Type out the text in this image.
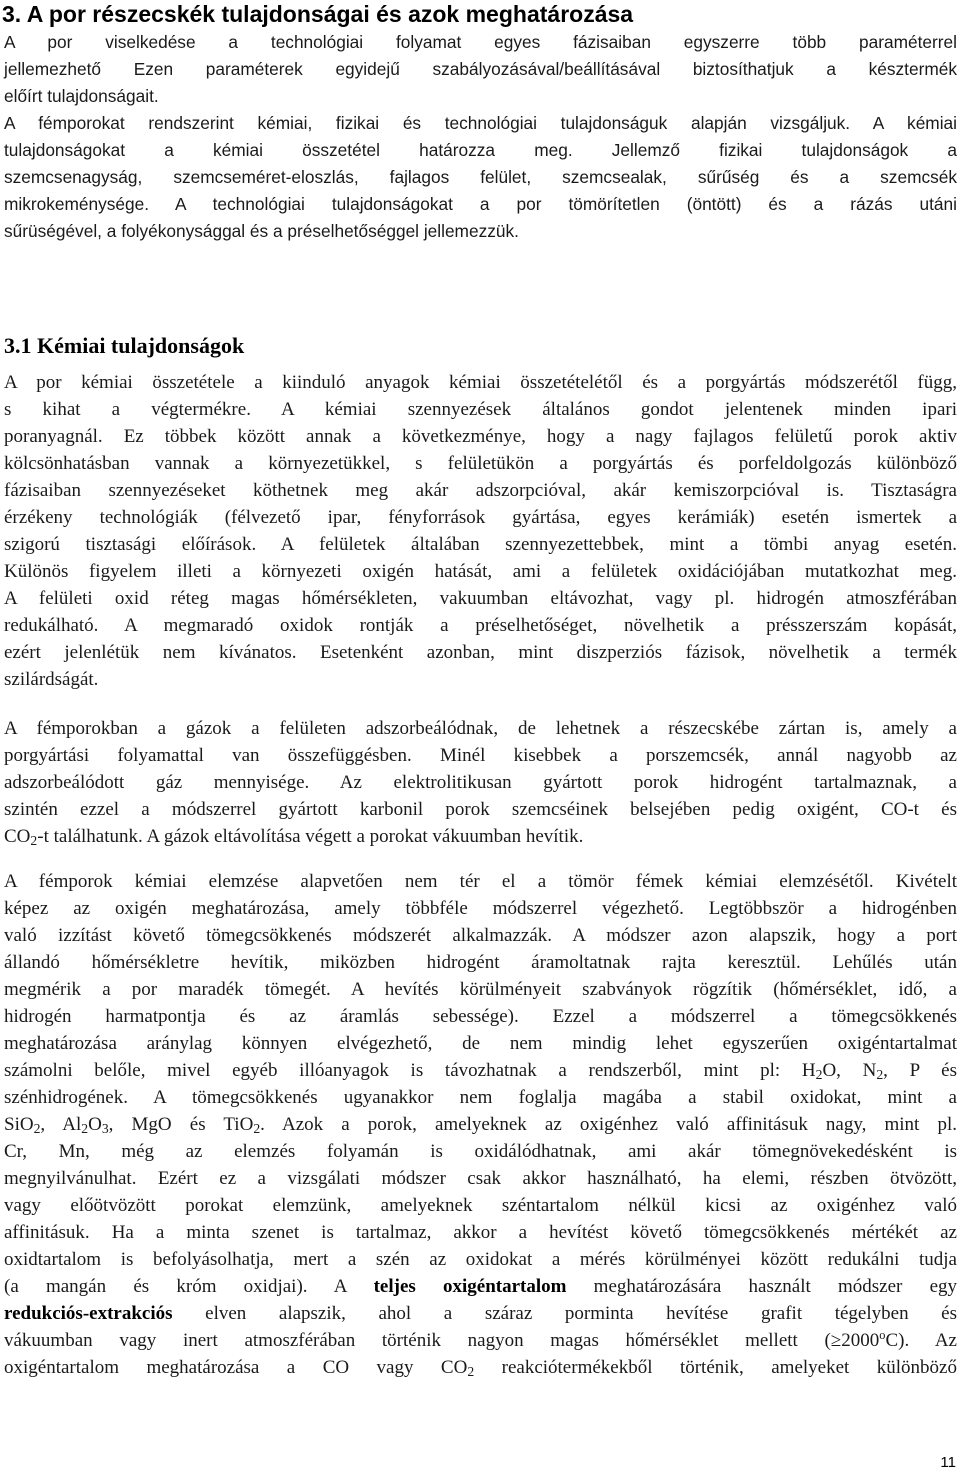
3. A por részecskék tulajdonságai és azok meghatározása
A por viselkedése a technológiai folyamat egyes fázisaiban egyszerre több paraméterrel
jellemezhető Ezen paraméterek egyidejű szabályozásával/beállításával biztosíthatjuk a késztermék
előírt tulajdonságait.
A fémporokat rendszerint kémiai, fizikai és technológiai tulajdonságuk alapján vizsgáljuk. A kémiai
tulajdonságokat a kémiai összetétel határozza meg. Jellemző fizikai tulajdonságok a
szemcsenagyság, szemcseméret-eloszlás, fajlagos felület, szemcsealak, sűrűség és a szemcsék
mikrokeménysége. A technológiai tulajdonságokat a por tömörítetlen (öntött) és a rázás utáni
sűrüségével, a folyékonysággal és a préselhetőséggel jellemezzük.
3.1 Kémiai tulajdonságok
A por kémiai összetétele a kiinduló anyagok kémiai összetételétől és a porgyártás módszerétől függ,
s kihat a végtermékre. A kémiai szennyezések általános gondot jelentenek minden ipari
poranyagnál. Ez többek között annak a következménye, hogy a nagy fajlagos felületű porok aktiv
kölcsönhatásban vannak a környezetükkel, s felületükön a porgyártás és porfeldolgozás különböző
fázisaiban szennyezéseket köthetnek meg akár adszorpcióval, akár kemiszorpcióval is. Tisztaságra
érzékeny technológiák (félvezető ipar, fényforrások gyártása, egyes kerámiák) esetén ismertek a
szigorú tisztasági előírások. A felületek általában szennyezettebbek, mint a tömbi anyag esetén.
Különös figyelem illeti a környezeti oxigén hatását, ami a felületek oxidációjában mutatkozhat meg.
A felületi oxid réteg magas hőmérsékleten, vakuumban eltávozhat, vagy pl. hidrogén atmoszférában
redukálható. A megmaradó oxidok rontják a préselhetőséget, növelhetik a présszerszám kopását,
ezért jelenlétük nem kívánatos. Esetenként azonban, mint diszperziós fázisok, növelhetik a termék
szilárdságát.
A fémporokban a gázok a felületen adszorbeálódnak, de lehetnek a részecskébe zártan is, amely a
porgyártási folyamattal van összefüggésben. Minél kisebbek a porszemcsék, annál nagyobb az
adszorbeálódott gáz mennyisége. Az elektrolitikusan gyártott porok hidrogént tartalmaznak, a
szintén ezzel a módszerrel gyártott karbonil porok szemcséinek belsejében pedig oxigént, CO-t és
$CO_2-t$ találhatunk. A gázok eltávolítása végett a porokat vákuumban hevítik.
A fémporok kémiai elemzése alapvetően nem tér el a tömör fémek kémiai elemzésétől. Kivételt
képez az oxigén meghatározása, amely többféle módszerrel végezhető. Legtöbbször a hidrogénben
való izzítást követő tömegcsökkenés módszerét alkalmazzák. A módszer azon alapszik, hogy a port
állandó hőmérsékletre hevítik, miközben hidrogént áramoltatnak rajta keresztül. Lehűlés után
megmérik a por maradék tömegét. A hevítés körülményeit szabványok rögzítik (hőmérséklet, idő, a
hidrogén harmatpontja és az áramlás sebessége). Ezzel a módszerrel a tömegcsökkenés
meghatározása aránylag könnyen elvégezhető, de nem mindig lehet egyszerűen oxigéntartalmat
számolni belőle, mivel egyéb illóanyagok is távozhatnak a rendszerből, mint pl: $H_2O$, $N_2$, P és
szénhidrogének. A tömegcsökkenés ugyanakkor nem foglalja magába a stabil oxidokat, mint a
SiO$_2$, $Al_2O_3$, MgO és TiO$_2$. Azok a porok, amelyeknek az oxigénhez való affinitásuk nagy, mint pl.
Cr, Mn, még az elemzés folyamán is oxidálódhatnak, ami akár tömegnövekedésként is
megnyilvánulhat. Ezért ez a vizsgálati módszer csak akkor használható, ha elemi, részben ötvözött,
vagy előötvözött porokat elemzünk, amelyeknek széntartalom nélkül kicsi az oxigénhez való
affinitásuk. Ha a minta szenet is tartalmaz, akkor a hevítést követő tömegcsökkenés mértékét az
oxidtartalom is befolyásolhatja, mert a szén az oxidokat a mérés körülményei között redukálni tudja
(a mangán és króm oxidjai). A teljes oxigéntartalom meghatározására használt módszer egy
redukciós-extrakciós elven alapszik, ahol a száraz porminta hevítése grafit tégelyben és
vákuumban vagy inert atmoszférában történik nagyon magas hőmérséklet mellett $(\ge 2000^oC)$. Az
oxigéntartalom meghatározása a CO vagy $CO_2$ reakciótermékekből történik, amelyeket különböző
11
